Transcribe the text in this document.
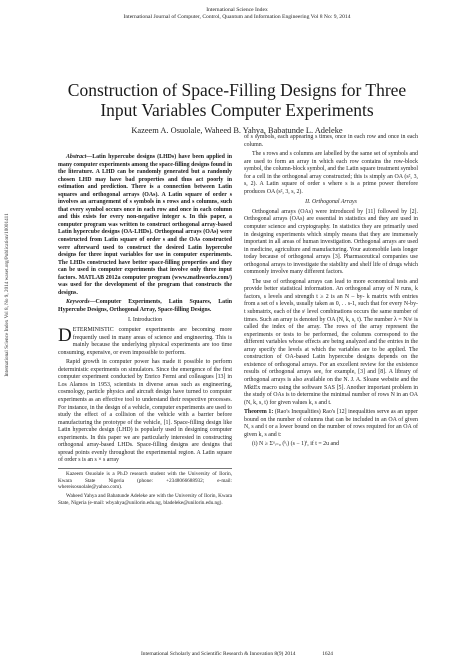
International Science Index
International Journal of Computer, Control, Quantum and Information Engineering Vol 8 No: 9, 2014
International Science Index Vol 8, No 9, 2014 waset.org/Publication/10001411
Construction of Space-Filling Designs for Three
Input Variables Computer Experiments
Kazeem A. Osuolale, Waheed B. Yahya, Babatunde L. Adeleke

Abstract—Latin hypercube designs (LHDs) have been applied in many computer experiments among the space-filling designs found in the literature. A LHD can be randomly generated but a randomly chosen LHD may have bad properties and thus act poorly in estimation and prediction. There is a connection between Latin squares and orthogonal arrays (OAs). A Latin square of order s involves an arrangement of s symbols in s rows and s columns, such that every symbol occurs once in each row and once in each column and this exists for every non-negative integer s. In this paper, a computer program was written to construct orthogonal array-based Latin hypercube designs (OA-LHDs). Orthogonal arrays (OAs) were constructed from Latin square of order s and the OAs constructed were afterward used to construct the desired Latin hypercube designs for three input variables for use in computer experiments. The LHDs constructed have better space-filling properties and they can be used in computer experiments that involve only three input factors. MATLAB 2012a computer program (www.mathworks.com/) was used for the development of the program that constructs the designs.

Keywords—Computer Experiments, Latin Squares, Latin Hypercube Designs, Orthogonal Array, Space-filling Designs.

I. Introduction

DETERMINISTIC computer experiments are becoming more frequently used in many areas of science and engineering. This is mainly because the underlying physical experiments are too time consuming, expensive, or even impossible to perform.

Rapid growth in computer power has made it possible to perform deterministic experiments on simulators. Since the emergence of the first computer experiment conducted by Enrico Fermi and colleagues [13] in Los Alamos in 1953, scientists in diverse areas such as engineering, cosmology, particle physics and aircraft design have turned to computer experiments as an effective tool to understand their respective processes. For instance, in the design of a vehicle, computer experiments are used to study the effect of a collision of the vehicle with a barrier before manufacturing the prototype of the vehicle, [1]. Space-filling design like Latin hypercube design (LHD) is popularly used in designing computer experiments. In this paper we are particularly interested in constructing orthogonal array-based LHDs. Space-filling designs are designs that spread points evenly throughout the experimental region. A Latin square of order s is an s × s array

Kazeem Osuolale is a Ph.D research student with the University of Ilorin, Kwara State Nigeria (phone: +2348066688932; e-mail: whereisosuolale@yahoo.com).

Waheed Yahya and Babatunde Adeleke are with the University of Ilorin, Kwara State, Nigeria (e-mail: wbyahya@unilorin.edu.ng, bladeleke@unilorin.edu.ng).

of s symbols, each appearing s times, once in each row and once in each column.

The s rows and s columns are labelled by the same set of symbols and are used to form an array in which each row contains the row-block symbol, the column-block symbol, and the Latin square treatment symbol for a cell in the orthogonal array constructed; this is simply an OA (s², 3, s, 2). A Latin square of order s where s is a prime power therefore produces OA (s², 3, s, 2).

II. Orthogonal Arrays

Orthogonal arrays (OAs) were introduced by [11] followed by [2]. Orthogonal arrays (OAs) are essential in statistics and they are used in computer science and cryptography. In statistics they are primarily used in designing experiments which simply means that they are immensely important in all areas of human investigation. Orthogonal arrays are used in medicine, agriculture and manufacturing. Your automobile lasts longer today because of orthogonal arrays [3]. Pharmaceutical companies use orthogonal arrays to investigate the stability and shelf life of drugs which commonly involve many different factors.

The use of orthogonal arrays can lead to more economical tests and provide better statistical information. An orthogonal array of N runs, k factors, s levels and strength t ≥ 2 is an N – by- k matrix with entries from a set of s levels, usually taken as 0, . . s-1, such that for every N-by- t submatrix, each of the sᵗ level combinations occurs the same number of times. Such an array is denoted by OA (N, k, s, t). The number λ = N/sᵗ is called the index of the array. The rows of the array represent the experiments or tests to be performed, the columns correspond to the different variables whose effects are being analyzed and the entries in the array specify the levels at which the variables are to be applied. The construction of OA-based Latin hypercube designs depends on the existence of orthogonal arrays. For an excellent review for the existence results of orthogonal arrays see, for example, [3] and [8]. A library of orthogonal arrays is also available on the N. J. A. Sloane website and the MktEx macro using the software SAS [5]. Another important problem in the study of OAs is to determine the minimal number of rows N in an OA (N, k, s, t) for given values k, s and t.

Theorem 1: (Rao's Inequalities) Rao's [12] inequalities serve as an upper bound on the number of columns that can be included in an OA of given N, s and t or a lower bound on the number of rows required for an OA of given k, s and t:

(i) N ≥ Σᵘᵢ₌₀ (ᵏᵢ) (s − 1)ⁱ, if t = 2u and

International Scholarly and Scientific Research & Innovation 8(9) 2014	1624
